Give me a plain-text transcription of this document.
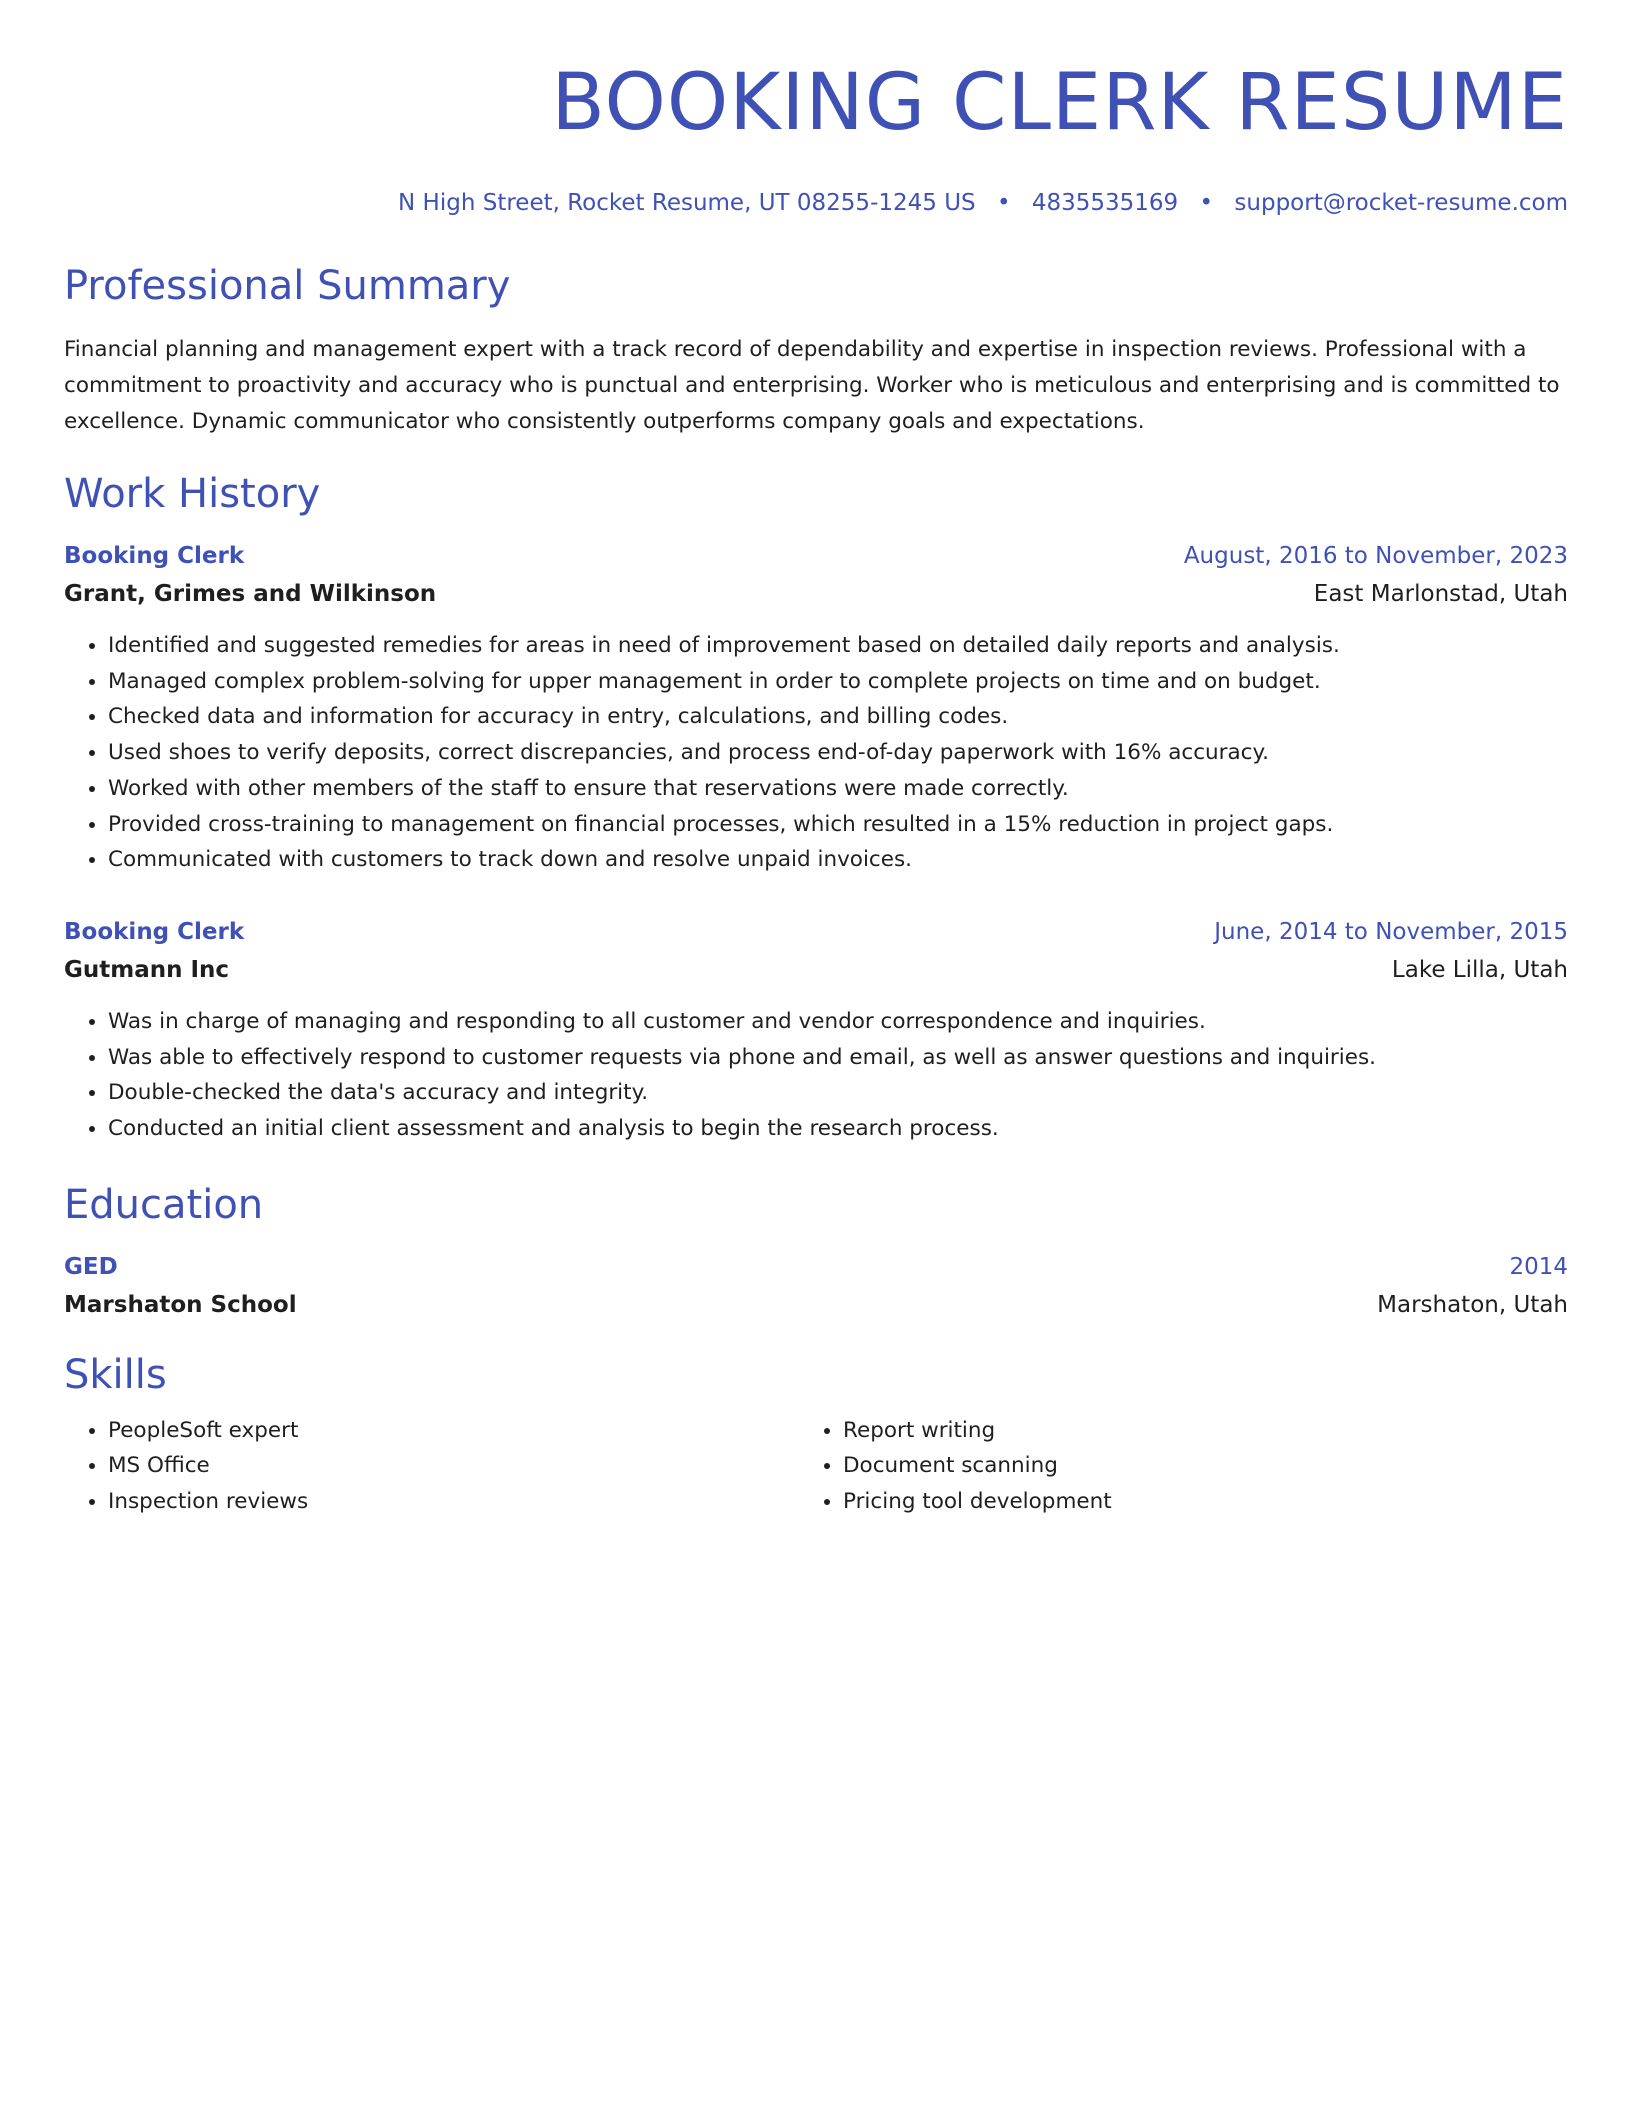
BOOKING CLERK RESUME
N High Street, Rocket Resume, UT 08255-1245 US • 4835535169 • support@rocket-resume.com
Professional Summary

Financial planning and management expert with a track record of dependability and expertise in inspection reviews. Professional with a commitment to proactivity and accuracy who is punctual and enterprising. Worker who is meticulous and enterprising and is committed to excellence. Dynamic communicator who consistently outperforms company goals and expectations.

Work History
Booking Clerk	August, 2016 to November, 2023
Grant, Grimes and Wilkinson	East Marlonstad, Utah
• Identified and suggested remedies for areas in need of improvement based on detailed daily reports and analysis.
• Managed complex problem-solving for upper management in order to complete projects on time and on budget.
• Checked data and information for accuracy in entry, calculations, and billing codes.
• Used shoes to verify deposits, correct discrepancies, and process end-of-day paperwork with 16% accuracy.
• Worked with other members of the staff to ensure that reservations were made correctly.
• Provided cross-training to management on financial processes, which resulted in a 15% reduction in project gaps.
• Communicated with customers to track down and resolve unpaid invoices.
Booking Clerk	June, 2014 to November, 2015
Gutmann Inc	Lake Lilla, Utah
• Was in charge of managing and responding to all customer and vendor correspondence and inquiries.
• Was able to effectively respond to customer requests via phone and email, as well as answer questions and inquiries.
• Double-checked the data's accuracy and integrity.
• Conducted an initial client assessment and analysis to begin the research process.
Education
GED	2014
Marshaton School	Marshaton, Utah
Skills
• PeopleSoft expert
• MS Office
• Inspection reviews
• Report writing
• Document scanning
• Pricing tool development
